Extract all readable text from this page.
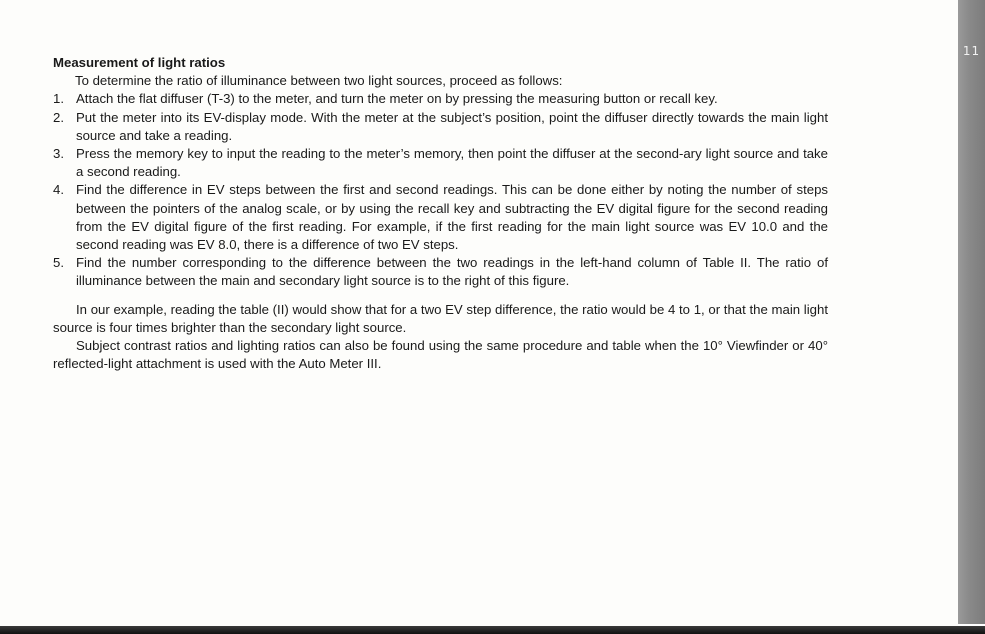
Measurement of light ratios

To determine the ratio of illuminance between two light sources, proceed as follows:

1. Attach the flat diffuser (T-3) to the meter, and turn the meter on by pressing the measuring button or recall key.
2. Put the meter into its EV-display mode. With the meter at the subject’s position, point the diffuser directly towards the main light source and take a reading.
3. Press the memory key to input the reading to the meter’s memory, then point the diffuser at the second-ary light source and take a second reading.
4. Find the difference in EV steps between the first and second readings. This can be done either by noting the number of steps between the pointers of the analog scale, or by using the recall key and subtracting the EV digital figure for the second reading from the EV digital figure of the first reading. For example, if the first reading for the main light source was EV 10.0 and the second reading was EV 8.0, there is a difference of two EV steps.
5. Find the number corresponding to the difference between the two readings in the left-hand column of Table II. The ratio of illuminance between the main and secondary light source is to the right of this figure.

In our example, reading the table (II) would show that for a two EV step difference, the ratio would be 4 to 1, or that the main light source is four times brighter than the secondary light source.

Subject contrast ratios and lighting ratios can also be found using the same procedure and table when the 10° Viewfinder or 40° reflected-light attachment is used with the Auto Meter III.

11
